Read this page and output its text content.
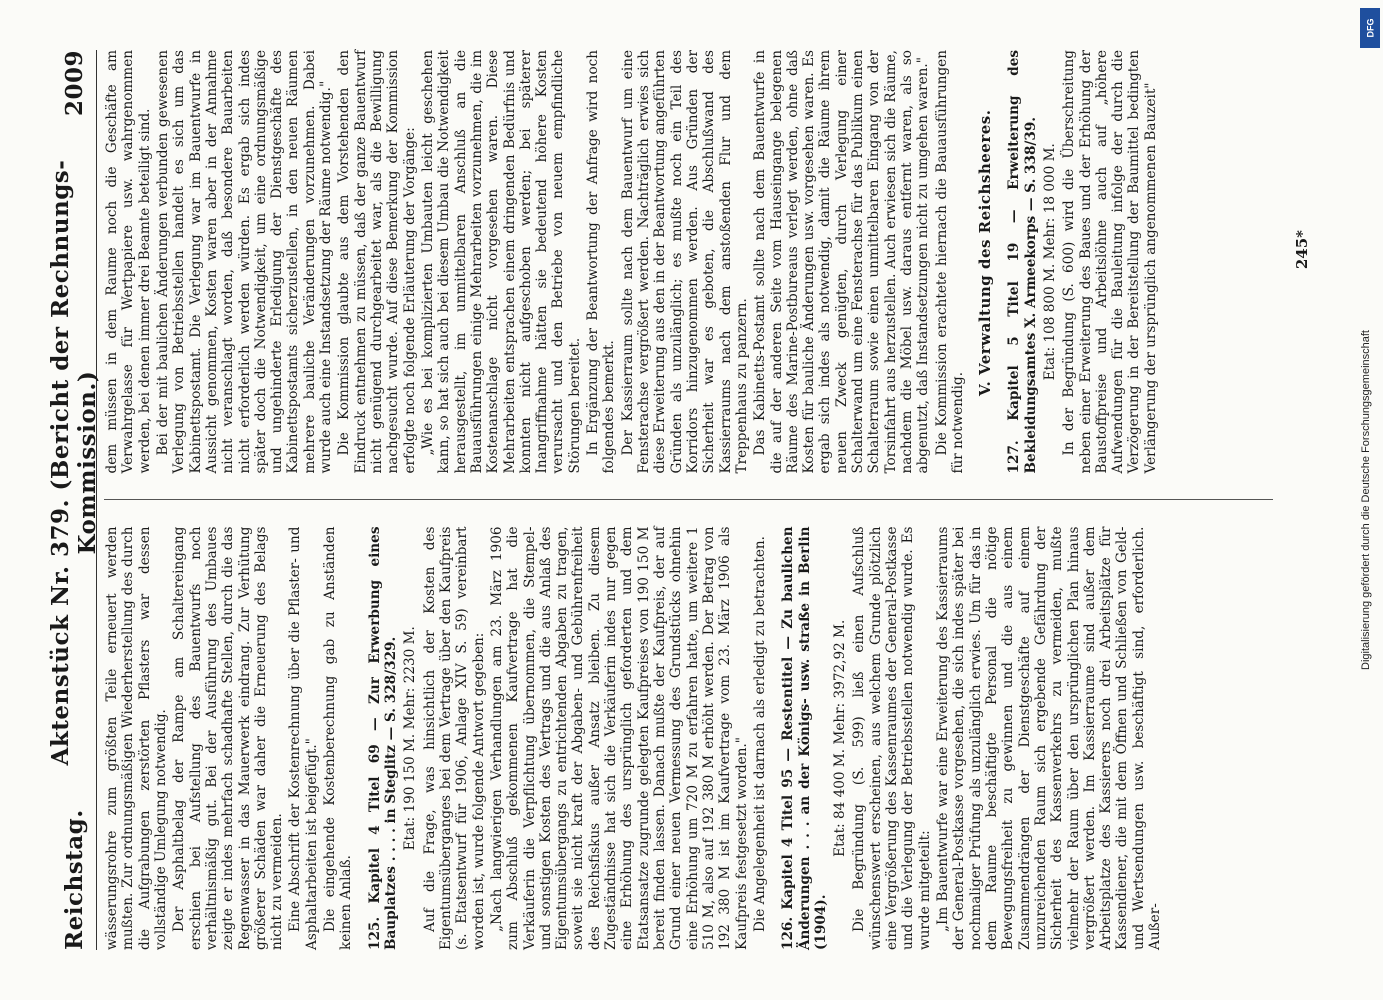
Reichstag.
Aktenstück Nr. 379. (Bericht der Rechnungs-Kommission.)
2009

wässerungsrohre zum größten Teile erneuert werden mußten. Zur ordnungsmäßigen Wiederherstellung des durch die Aufgrabungen zerstörten Pflasters war dessen vollständige Umlegung notwendig. Der Asphaltbelag der Rampe am Schaltereingang erschien bei Aufstellung des Bauentwurfs noch verhältnismäßig gut. Bei der Ausführung des Umbaues zeigte er indes mehrfach schadhafte Stellen, durch die das Regenwasser in das Mauerwerk eindrang. Zur Verhütung größerer Schäden war daher die Erneuerung des Belags nicht zu vermeiden. Eine Abschrift der Kostenrechnung über die Pflaster- und Asphaltarbeiten ist beigefügt." Die eingehende Kostenberechnung gab zu Anständen keinen Anlaß. 125. Kapitel 4 Titel 69 — Zur Erwerbung eines Bauplatzes . . . . in Steglitz — S. 328/329. Etat: 190 150 M. Mehr: 2230 M. Auf die Frage, was hinsichtlich der Kosten des Eigentumsüberganges bei dem Vertrage über den Kaufpreis (s. Etatsentwurf für 1906, Anlage XIV S. 59) vereinbart worden ist, wurde folgende Antwort gegeben: „Nach langwierigen Verhandlungen am 23. März 1906 zum Abschluß gekommenen Kaufvertrage hat die Verkäuferin die Verpflichtung übernommen, die Stempel- und sonstigen Kosten des Vertrags und die aus Anlaß des Eigentumsübergangs zu entrichtenden Abgaben zu tragen, soweit sie nicht kraft der Abgaben- und Gebührenfreiheit des Reichsfiskus außer Ansatz bleiben. Zu diesem Zugeständnisse hat sich die Verkäuferin indes nur gegen eine Erhöhung des ursprünglich geforderten und dem Etatsansatze zugrunde gelegten Kaufpreises von 190 150 M bereit finden lassen. Danach mußte der Kaufpreis, der auf Grund einer neuen Vermessung des Grundstücks ohnehin eine Erhöhung um 720 M zu erfahren hatte, um weitere 1 510 M, also auf 192 380 M erhöht werden. Der Betrag von 192 380 M ist im Kaufvertrage vom 23. März 1906 als Kaufpreis festgesetzt worden." Die Angelegenheit ist darnach als erledigt zu betrachten. 126. Kapitel 4 Titel 95 — Restentitel — Zu baulichen Änderungen . . . an der Königs- usw. straße in Berlin (1904).

Etat: 84 400 M. Mehr: 3972,92 M. Die Begründung (S. 599) ließ einen Aufschluß wünschenswert erscheinen, aus welchem Grunde plötzlich eine Vergrößerung des Kassenraumes der General-Postkasse und die Verlegung der Betriebsstellen notwendig wurde. Es wurde mitgeteilt: „Im Bauentwurfe war eine Erweiterung des Kassierraums der General-Postkasse vorgesehen, die sich indes später bei nochmaliger Prüfung als unzulänglich erwies. Um für das in dem Raume beschäftigte Personal die nötige Bewegungsfreiheit zu gewinnen und die aus einem Zusammendrängen der Dienstgeschäfte auf einem unzureichenden Raum sich ergebende Gefährdung der Sicherheit des Kassenverkehrs zu vermeiden, mußte vielmehr der Raum über den ursprünglichen Plan hinaus vergrößert werden. Im Kassierraume sind außer dem Arbeitsplatze des Kassierers noch drei Arbeitsplätze für Kassendiener, die mit dem Öffnen und Schließen von Geld- und Wertsendungen usw. beschäftigt sind, erforderlich. Außer-

dem müssen in dem Raume noch die Geschäfte am Verwahrgelasse für Wertpapiere usw. wahrgenommen werden, bei denen immer drei Beamte beteiligt sind. Bei der mit baulichen Änderungen verbunden gewesenen Verlegung von Betriebsstellen handelt es sich um das Kabinettspostamt. Die Verlegung war im Bauentwurfe in Aussicht genommen, Kosten waren aber in der Annahme nicht veranschlagt worden, daß besondere Bauarbeiten nicht erforderlich werden würden. Es ergab sich indes später doch die Notwendigkeit, um eine ordnungsmäßige und ungehinderte Erledigung der Dienstgeschäfte des Kabinettspostamts sicherzustellen, in den neuen Räumen mehrere bauliche Veränderungen vorzunehmen. Dabei wurde auch eine Instandsetzung der Räume notwendig." Die Kommission glaubte aus dem Vorstehenden den Eindruck entnehmen zu müssen, daß der ganze Bauentwurf nicht genügend durchgearbeitet war, als die Bewilligung nachgesucht wurde. Auf diese Bemerkung der Kommission erfolgte noch folgende Erläuterung der Vorgänge: „Wie es bei komplizierten Umbauten leicht geschehen kann, so hat sich auch bei diesem Umbau die Notwendigkeit herausgestellt, im unmittelbaren Anschluß an die Bauausführungen einige Mehrarbeiten vorzunehmen, die im Kostenanschlage nicht vorgesehen waren. Diese Mehrarbeiten entsprachen einem dringenden Bedürfnis und konnten nicht aufgeschoben werden; bei späterer Inangriffnahme hätten sie bedeutend höhere Kosten verursacht und den Betriebe von neuem empfindliche Störungen bereitet. In Ergänzung der Beantwortung der Anfrage wird noch folgendes bemerkt. Der Kassierraum sollte nach dem Bauentwurf um eine Fensterachse vergrößert werden. Nachträglich erwies sich diese Erweiterung aus den in der Beantwortung angeführten Gründen als unzulänglich; es mußte noch ein Teil des Korridors hinzugenommen werden. Aus Gründen der Sicherheit war es geboten, die Abschlußwand des Kassierraums nach dem anstoßenden Flur und dem Treppenhaus zu panzern. Das Kabinetts-Postamt sollte nach dem Bauentwurfe in die auf der anderen Seite vom Hauseingange belegenen Räume des Marine-Postbureaus verlegt werden, ohne daß Kosten für bauliche Änderungen usw. vorgesehen waren. Es ergab sich indes als notwendig, damit die Räume ihrem neuen Zweck genügten, durch Verlegung einer Schalterwand um eine Fensterachse für das Publikum einen Schalterraum sowie einen unmittelbaren Eingang von der Torsinfahrt aus herzustellen. Auch erwiesen sich die Räume, nachdem die Möbel usw. daraus entfernt waren, als so abgenutzt, daß Instandsetzungen nicht zu umgehen waren." Die Kommission erachtete hiernach die Bauausführungen für notwendig.

V. Verwaltung des Reichsheeres. 127. Kapitel 5 Titel 19 — Erweiterung des Bekleidungsamtes X. Armeekorps — S. 338/39. Etat: 108 800 M. Mehr: 18 000 M. In der Begründung (S. 600) wird die Überschreitung neben einer Erweiterung des Baues und der Erhöhung der Baustoffpreise und Arbeitslöhne auch auf „höhere Aufwendungen für die Bauleitung infolge der durch die Verzögerung in der Bereitstellung der Baumittel bedingten Verlängerung der ursprünglich angenommenen Bauzeit"	245*
Digitalisierung gefördert durch die Deutsche Forschungsgemeinschaft
DFG
